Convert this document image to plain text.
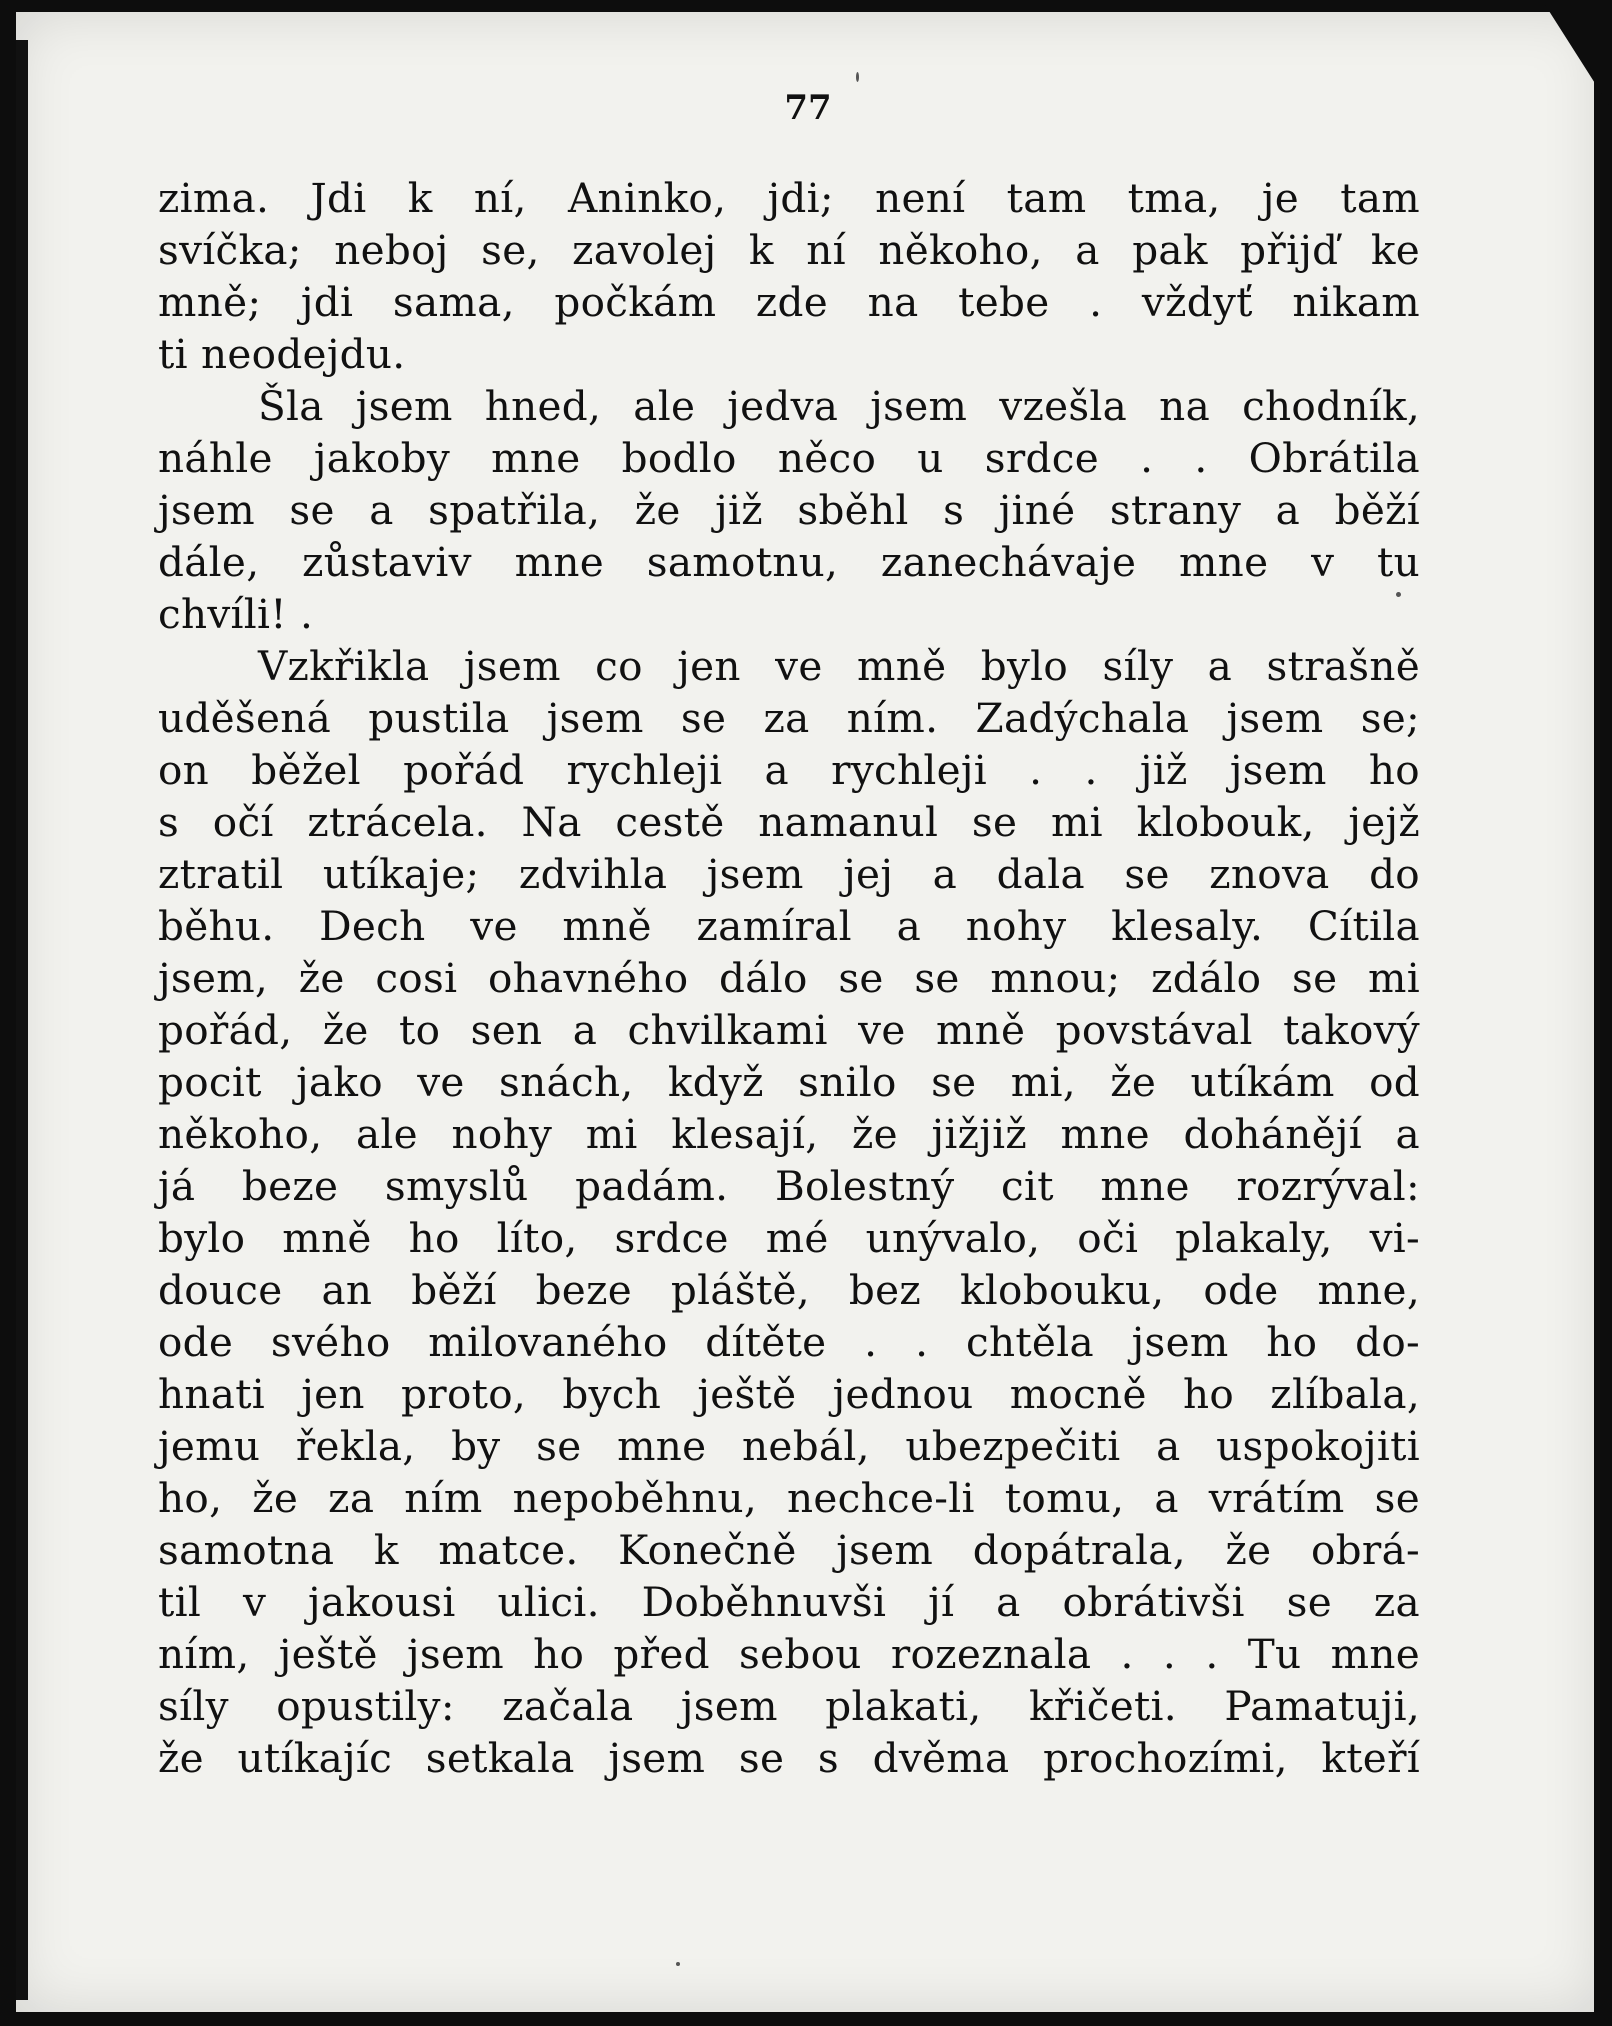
77
zima. Jdi k ní, Aninko, jdi; není tam tma, je tam
svíčka; neboj se, zavolej k ní někoho, a pak přijď ke
mně; jdi sama, počkám zde na tebe . vždyť nikam
ti neodejdu.
Šla jsem hned, ale jedva jsem vzešla na chodník,
náhle jakoby mne bodlo něco u srdce . . Obrátila
jsem se a spatřila, že již sběhl s jiné strany a běží
dále, zůstaviv mne samotnu, zanechávaje mne v tu
chvíli! .
Vzkřikla jsem co jen ve mně bylo síly a strašně
uděšená pustila jsem se za ním. Zadýchala jsem se;
on běžel pořád rychleji a rychleji . . již jsem ho
s očí ztrácela. Na cestě namanul se mi klobouk, jejž
ztratil utíkaje; zdvihla jsem jej a dala se znova do
běhu. Dech ve mně zamíral a nohy klesaly. Cítila
jsem, že cosi ohavného dálo se se mnou; zdálo se mi
pořád, že to sen a chvilkami ve mně povstával takový
pocit jako ve snách, když snilo se mi, že utíkám od
někoho, ale nohy mi klesají, že jižjiž mne dohánějí a
já beze smyslů padám. Bolestný cit mne rozrýval:
bylo mně ho líto, srdce mé unývalo, oči plakaly, vi-
douce an běží beze pláště, bez klobouku, ode mne,
ode svého milovaného dítěte . . chtěla jsem ho do-
hnati jen proto, bych ještě jednou mocně ho zlíbala,
jemu řekla, by se mne nebál, ubezpečiti a uspokojiti
ho, že za ním nepoběhnu, nechce-li tomu, a vrátím se
samotna k matce. Konečně jsem dopátrala, že obrá-
til v jakousi ulici. Doběhnuvši jí a obrátivši se za
ním, ještě jsem ho před sebou rozeznala . . . Tu mne
síly opustily: začala jsem plakati, křičeti. Pamatuji,
že utíkajíc setkala jsem se s dvěma prochozími, kteří
